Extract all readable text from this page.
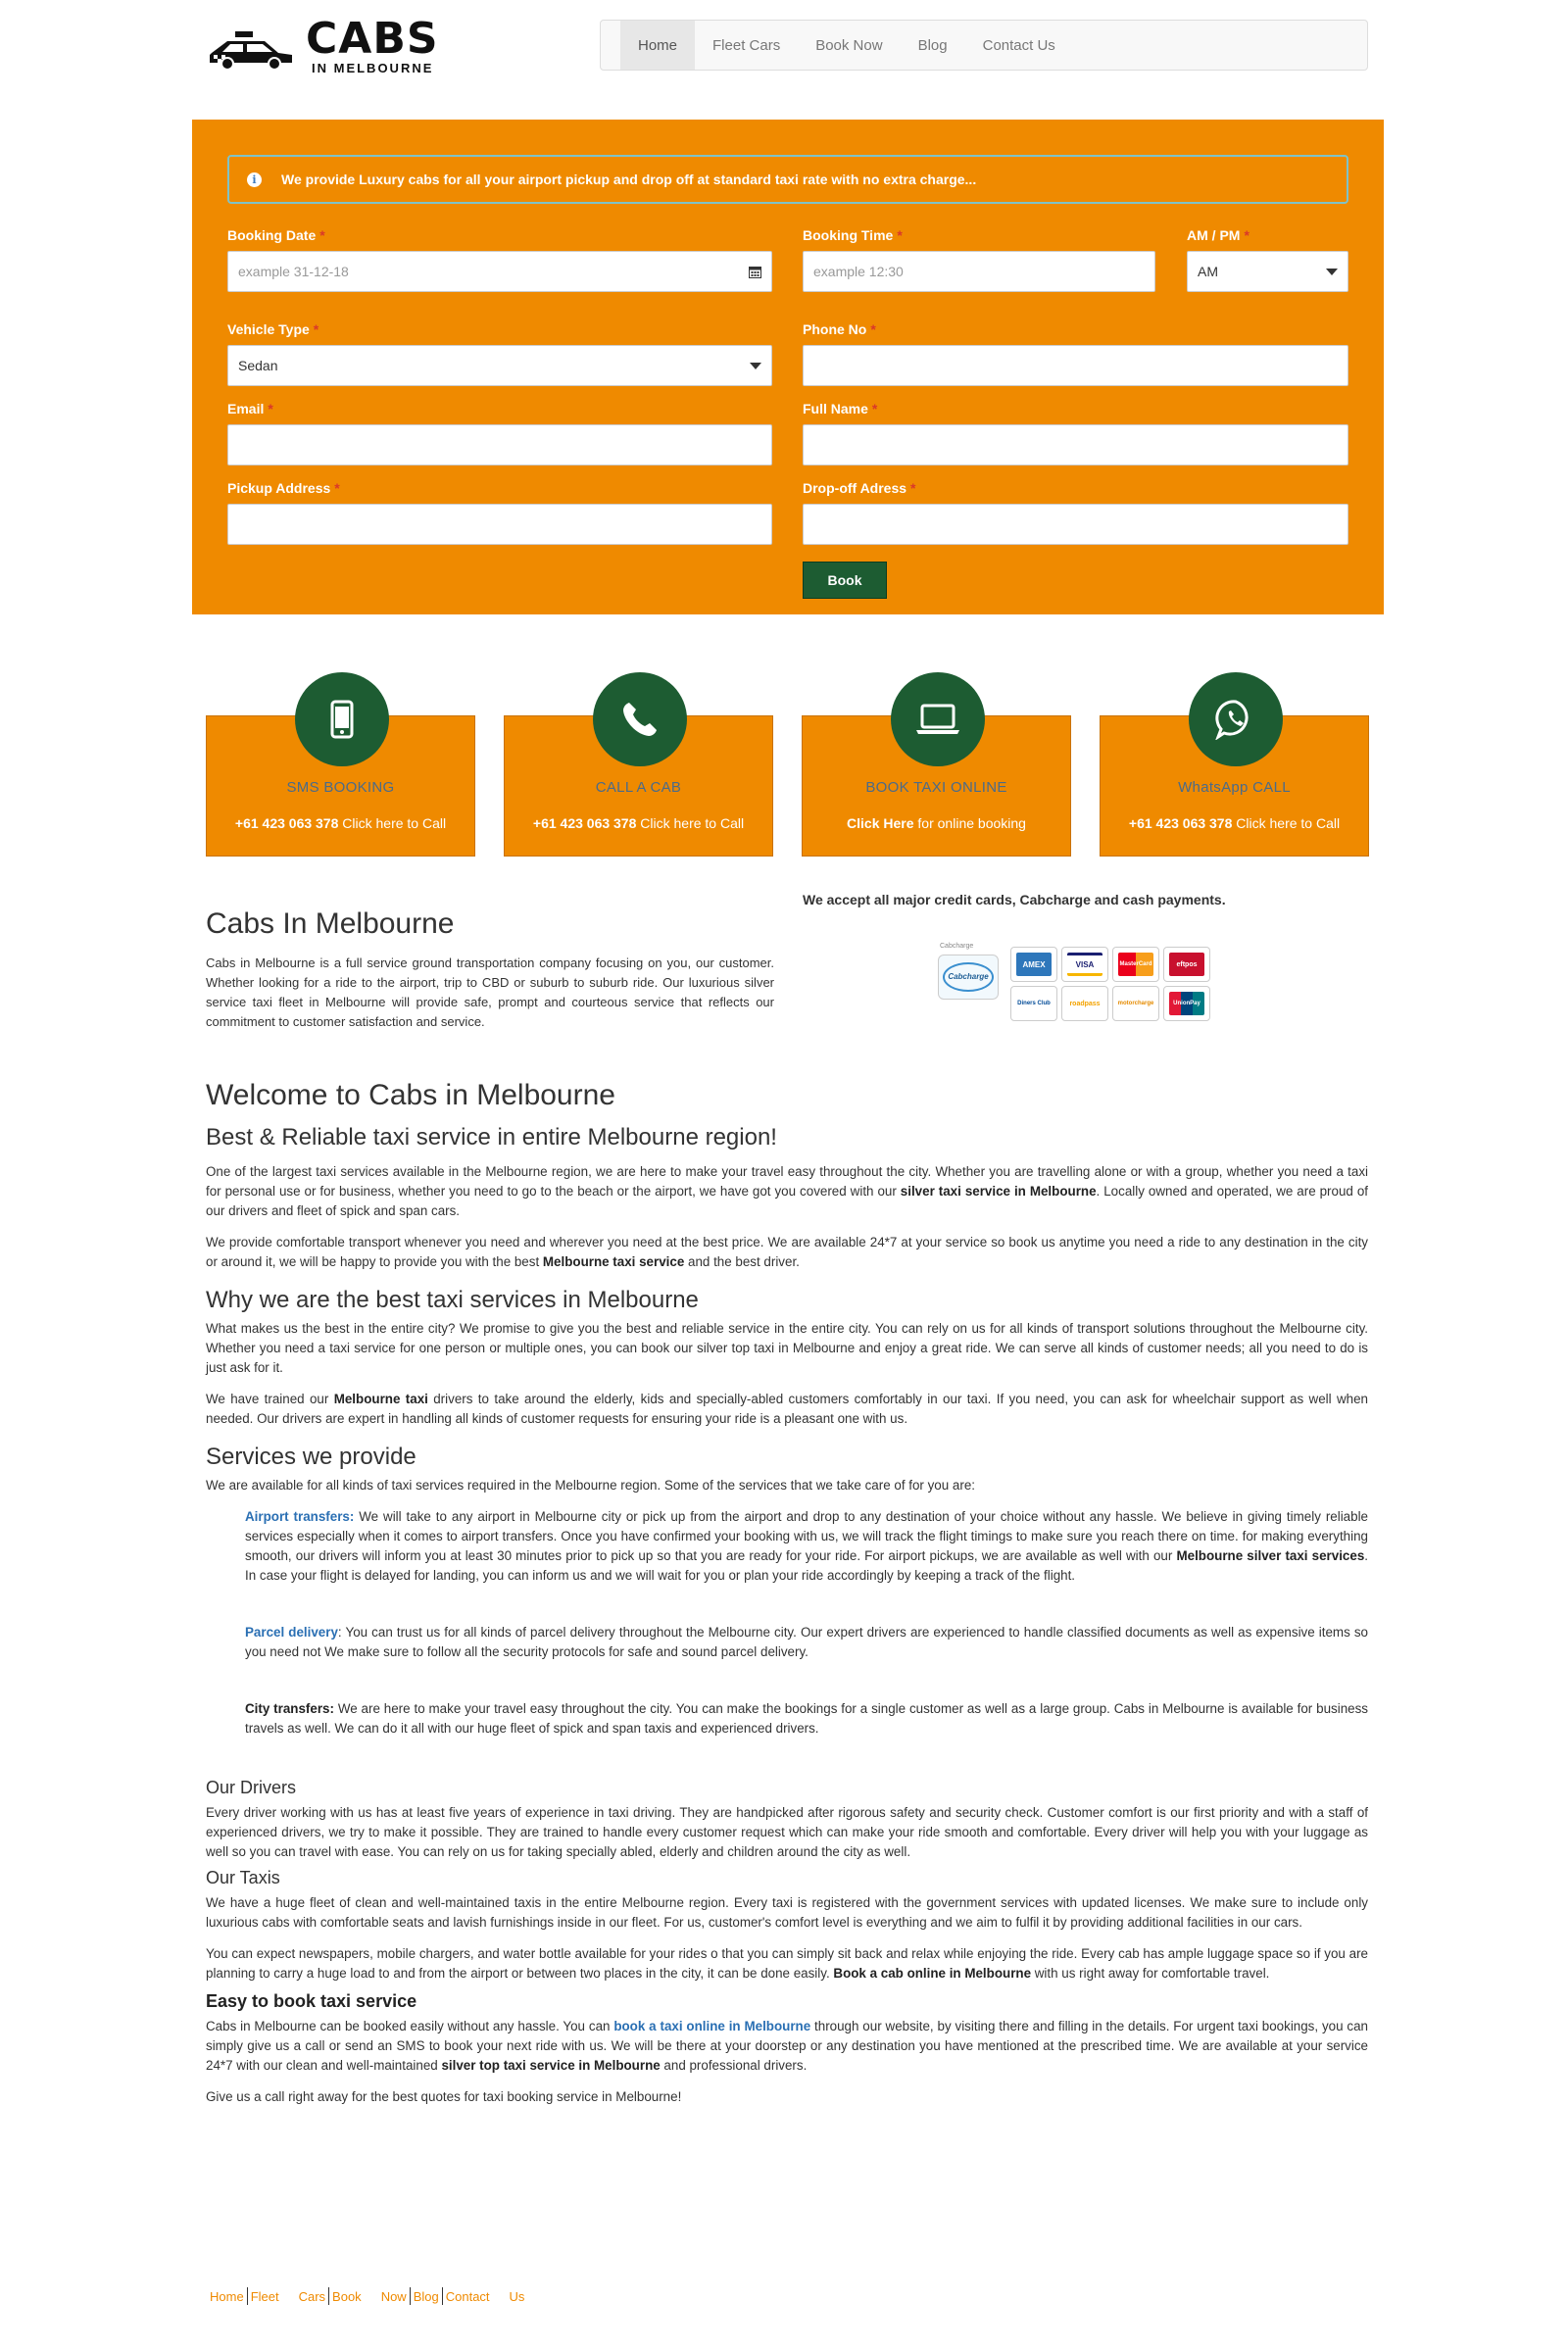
CABS
IN MELBOURNE
Home	Fleet Cars	Book Now	Blog	Contact Us
i	We provide Luxury cabs for all your airport pickup and drop off at standard taxi rate with no extra charge...
Booking Date *
example 31-12-18
Booking Time *
example 12:30
AM / PM *
AM
Vehicle Type *
Sedan
Phone No *
Email *	Full Name *
Pickup Address *	Drop-off Adress *
Book
SMS BOOKING
+61 423 063 378 Click here to Call
CALL A CAB
+61 423 063 378 Click here to Call
BOOK TAXI ONLINE
Click Here for online booking
WhatsApp CALL
+61 423 063 378 Click here to Call
Cabs In Melbourne

Cabs in Melbourne is a full service ground transportation company focusing on you, our customer. Whether looking for a ride to the airport, trip to CBD or suburb to suburb ride. Our luxurious silver service taxi fleet in Melbourne will provide safe, prompt and courteous service that reflects our commitment to customer satisfaction and service.

We accept all major credit cards, Cabcharge and cash payments.
Cabcharge
Cabcharge
AMEX	VISA	MasterCard	eftpos
Diners Club	roadpass	motorcharge	UnionPay
Welcome to Cabs in Melbourne
Best & Reliable taxi service in entire Melbourne region!

One of the largest taxi services available in the Melbourne region, we are here to make your travel easy throughout the city. Whether you are travelling alone or with a group, whether you need a taxi for personal use or for business, whether you need to go to the beach or the airport, we have got you covered with our silver taxi service in Melbourne. Locally owned and operated, we are proud of our drivers and fleet of spick and span cars.

We provide comfortable transport whenever you need and wherever you need at the best price. We are available 24*7 at your service so book us anytime you need a ride to any destination in the city or around it, we will be happy to provide you with the best Melbourne taxi service and the best driver.

Why we are the best taxi services in Melbourne

What makes us the best in the entire city? We promise to give you the best and reliable service in the entire city. You can rely on us for all kinds of transport solutions throughout the Melbourne city. Whether you need a taxi service for one person or multiple ones, you can book our silver top taxi in Melbourne and enjoy a great ride. We can serve all kinds of customer needs; all you need to do is just ask for it.

We have trained our Melbourne taxi drivers to take around the elderly, kids and specially-abled customers comfortably in our taxi. If you need, you can ask for wheelchair support as well when needed. Our drivers are expert in handling all kinds of customer requests for ensuring your ride is a pleasant one with us.

Services we provide

We are available for all kinds of taxi services required in the Melbourne region. Some of the services that we take care of for you are:

Airport transfers: We will take to any airport in Melbourne city or pick up from the airport and drop to any destination of your choice without any hassle. We believe in giving timely reliable services especially when it comes to airport transfers. Once you have confirmed your booking with us, we will track the flight timings to make sure you reach there on time. for making everything smooth, our drivers will inform you at least 30 minutes prior to pick up so that you are ready for your ride. For airport pickups, we are available as well with our Melbourne silver taxi services. In case your flight is delayed for landing, you can inform us and we will wait for you or plan your ride accordingly by keeping a track of the flight.

Parcel delivery: You can trust us for all kinds of parcel delivery throughout the Melbourne city. Our expert drivers are experienced to handle classified documents as well as expensive items so you need not We make sure to follow all the security protocols for safe and sound parcel delivery.

City transfers: We are here to make your travel easy throughout the city. You can make the bookings for a single customer as well as a large group. Cabs in Melbourne is available for business travels as well. We can do it all with our huge fleet of spick and span taxis and experienced drivers.

Our Drivers

Every driver working with us has at least five years of experience in taxi driving. They are handpicked after rigorous safety and security check. Customer comfort is our first priority and with a staff of experienced drivers, we try to make it possible. They are trained to handle every customer request which can make your ride smooth and comfortable. Every driver will help you with your luggage as well so you can travel with ease. You can rely on us for taking specially abled, elderly and children around the city as well.

Our Taxis

We have a huge fleet of clean and well-maintained taxis in the entire Melbourne region. Every taxi is registered with the government services with updated licenses. We make sure to include only luxurious cabs with comfortable seats and lavish furnishings inside in our fleet. For us, customer's comfort level is everything and we aim to fulfil it by providing additional facilities in our cars.

You can expect newspapers, mobile chargers, and water bottle available for your rides o that you can simply sit back and relax while enjoying the ride. Every cab has ample luggage space so if you are planning to carry a huge load to and from the airport or between two places in the city, it can be done easily. Book a cab online in Melbourne with us right away for comfortable travel.

Easy to book taxi service

Cabs in Melbourne can be booked easily without any hassle. You can book a taxi online in Melbourne through our website, by visiting there and filling in the details. For urgent taxi bookings, you can simply give us a call or send an SMS to book your next ride with us. We will be there at your doorstep or any destination you have mentioned at the prescribed time. We are available at your service 24*7 with our clean and well-maintained silver top taxi service in Melbourne and professional drivers.

Give us a call right away for the best quotes for taxi booking service in Melbourne!

Home Fleet Cars Book Now Blog Contact Us
